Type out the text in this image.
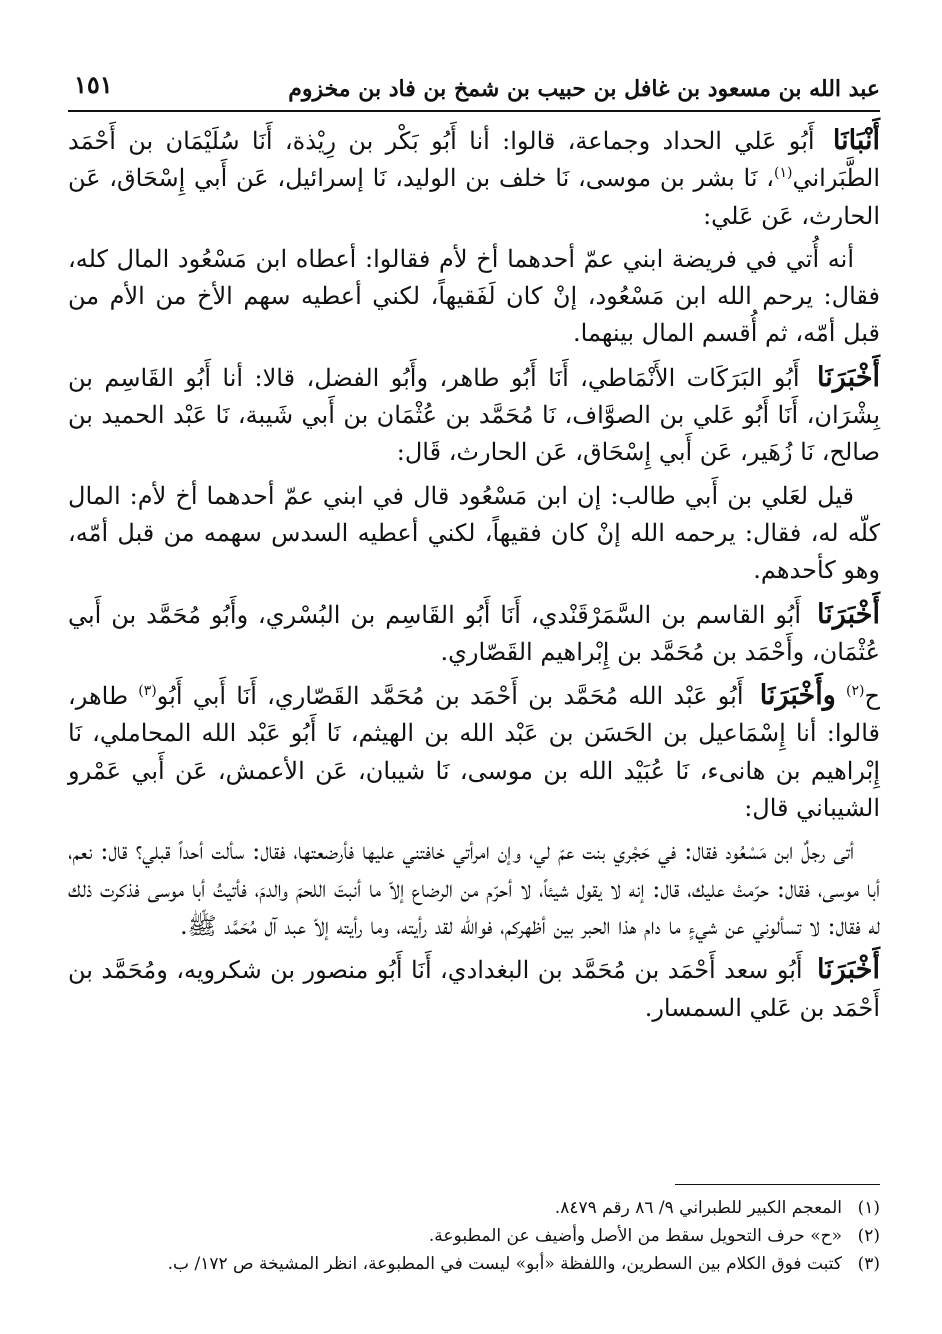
عبد الله بن مسعود بن غافل بن حبيب بن شمخ بن فاد بن مخزوم
١٥١

أَنْبَانَا أَبُو عَلي الحداد وجماعة، قالوا: أنا أَبُو بَكْر بن رِيْذة، أَنَا سُلَيْمَان بن أَحْمَد الطَّبَراني$^{(١)}$، نَا بشر بن موسى، نَا خلف بن الوليد، نَا إسرائيل، عَن أَبي إِسْحَاق، عَن الحارث، عَن عَلي:

أنه أُتي في فريضة ابني عمّ أحدهما أخ لأم فقالوا: أعطاه ابن مَسْعُود المال كله، فقال: يرحم الله ابن مَسْعُود، إنْ كان لَفَقيهاً، لكني أعطيه سهم الأخ من الأم من قبل أمّه، ثم أُقسم المال بينهما.

أَخْبَرَنَا أَبُو البَرَكَات الأَنْمَاطي، أَنَا أَبُو طاهر، وأَبُو الفضل، قالا: أنا أَبُو القَاسِم بن بِشْرَان، أَنَا أَبُو عَلي بن الصوَّاف، نَا مُحَمَّد بن عُثْمَان بن أَبي شَيبة، نَا عَبْد الحميد بن صالح، نَا زُهَير، عَن أَبي إِسْحَاق، عَن الحارث، قَال:

قيل لعَلي بن أَبي طالب: إن ابن مَسْعُود قال في ابني عمّ أحدهما أخ لأم: المال كلّه له، فقال: يرحمه الله إنْ كان فقيهاً، لكني أعطيه السدس سهمه من قبل أمّه، وهو كأحدهم.

أَخْبَرَنَا أَبُو القاسم بن السَّمَرْقَنْدي، أَنَا أَبُو القَاسِم بن البُسْري، وأَبُو مُحَمَّد بن أَبي عُثْمَان، وأَحْمَد بن مُحَمَّد بن إِبْراهيم القَصّاري.

ح$^{(٢)}$ وأَخْبَرَنَا أَبُو عَبْد الله مُحَمَّد بن أَحْمَد بن مُحَمَّد القَصّاري، أَنَا أَبي أَبُو$^{(٣)}$ طاهر، قالوا: أنا إِسْمَاعيل بن الحَسَن بن عَبْد الله بن الهيثم، نَا أَبُو عَبْد الله المحاملي، نَا إِبْراهيم بن هانىء، نَا عُبَيْد الله بن موسى، نَا شيبان، عَن الأعمش، عَن أَبي عَمْرو الشيباني قال:

أتى رجلٌ ابن مَسْعُود فقال: في حَجْري بنت عمّ لي، وإن امرأتي خافتني عليها فأرضعتها، فقال: سألت أحداً قبلي؟ قال: نعم، أبا موسى، فقال: حرّمتْ عليك، قال: إنه لا يقول شيئاً، لا أحرّم من الرضاع إلاّ ما أنبتَ اللحمَ والدمَ، فأتيتُ أبا موسى فذكرت ذلك له فقال: لا تسألوني عن شيءٍ ما دام هذا الحبر بين أظهركم، فوالله لقد رأيته، وما رأيته إلاّ عبد آل مُحَمَّد ﷺ.

أَخْبَرَنَا أَبُو سعد أَحْمَد بن مُحَمَّد بن البغدادي، أَنَا أَبُو منصور بن شكرويه، ومُحَمَّد بن أَحْمَد بن عَلي السمسار.

(١)المعجم الكبير للطبراني ٩/ ٨٦ رقم ٨٤٧٩.
(٢)«ح» حرف التحويل سقط من الأصل وأضيف عن المطبوعة.
(٣)كتبت فوق الكلام بين السطرين، واللفظة «أبو» ليست في المطبوعة، انظر المشيخة ص ١٧٢/ ب.
